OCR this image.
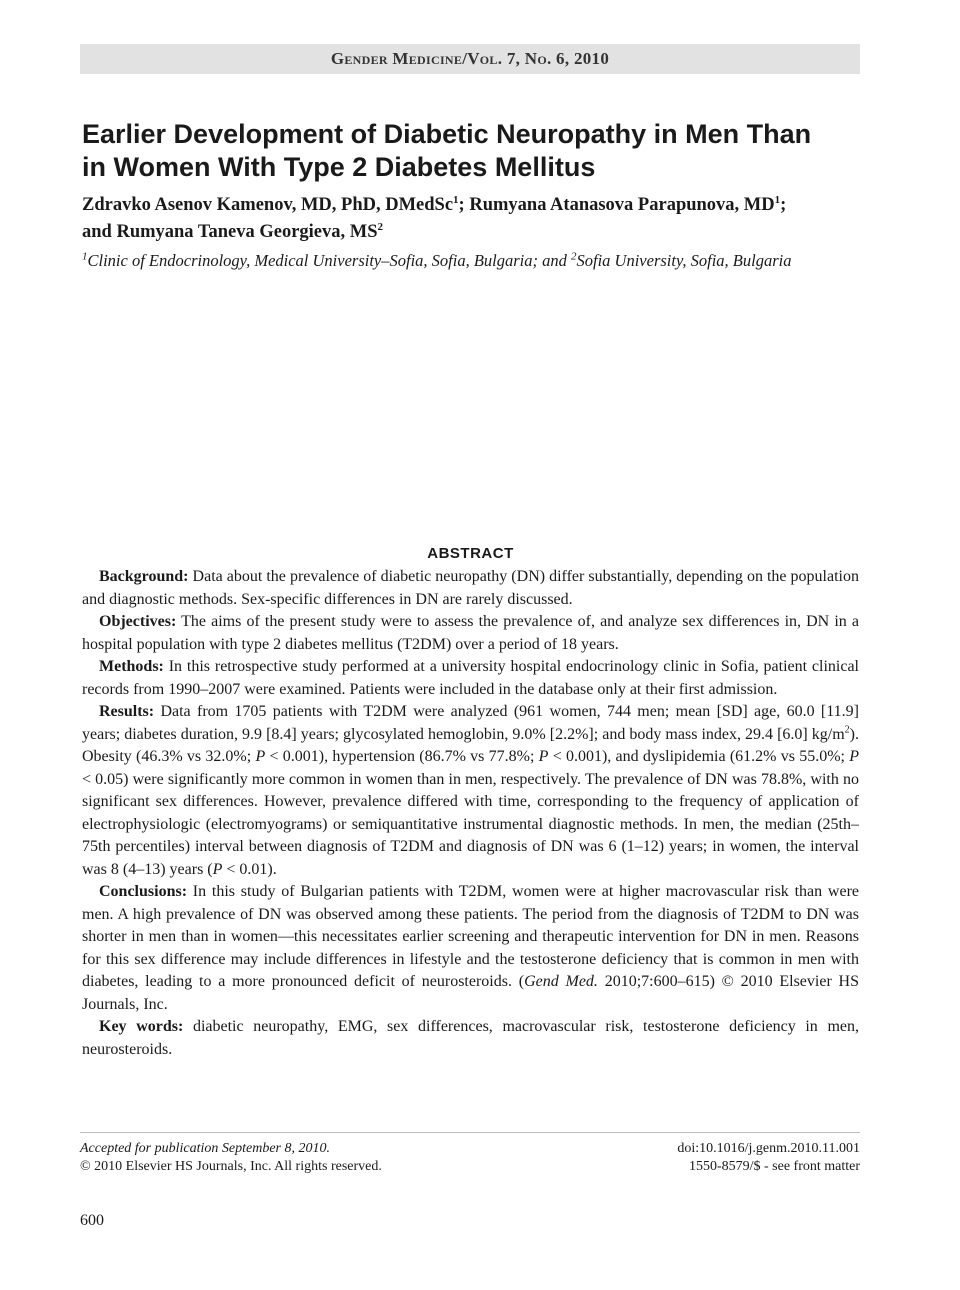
Gender Medicine/Vol. 7, No. 6, 2010
Earlier Development of Diabetic Neuropathy in Men Than
in Women With Type 2 Diabetes Mellitus
Zdravko Asenov Kamenov, MD, PhD, DMedSc$^1$; Rumyana Atanasova Parapunova, $MD^1$;
and Rumyana Taneva Georgieva, $MS^2$
$^1$Clinic of Endocrinology, Medical University–Sofia, Sofia, Bulgaria; and $^2$Sofia University, Sofia, Bulgaria
ABSTRACT

Background: Data about the prevalence of diabetic neuropathy (DN) differ substantially, depending on the population and diagnostic methods. Sex-specific differences in DN are rarely discussed.

Objectives: The aims of the present study were to assess the prevalence of, and analyze sex differences in, DN in a hospital population with type 2 diabetes mellitus (T2DM) over a period of 18 years.

Methods: In this retrospective study performed at a university hospital endocrinology clinic in Sofia, patient clinical records from 1990–2007 were examined. Patients were included in the database only at their first admission.

Results: Data from 1705 patients with T2DM were analyzed (961 women, 744 men; mean [SD] age, 60.0 [11.9] years; diabetes duration, 9.9 [8.4] years; glycosylated hemoglobin, 9.0% [2.2%]; and body mass index, 29.4 [6.0] $kg/m^2$). Obesity (46.3% vs 32.0%; P < 0.001), hypertension (86.7% vs 77.8%; P < 0.001), and dyslipidemia (61.2% vs 55.0%; P < 0.05) were significantly more common in women than in men, respectively. The prevalence of DN was 78.8%, with no significant sex differences. However, prevalence differed with time, corresponding to the frequency of application of electrophysiologic (electromyograms) or semiquantitative instrumental diagnostic methods. In men, the median (25th–75th percentiles) interval between diagnosis of T2DM and diagnosis of DN was 6 (1–12) years; in women, the interval was 8 (4–13) years (P < 0.01).

Conclusions: In this study of Bulgarian patients with T2DM, women were at higher macrovascular risk than were men. A high prevalence of DN was observed among these patients. The period from the diagnosis of T2DM to DN was shorter in men than in women—this necessitates earlier screening and therapeutic intervention for DN in men. Reasons for this sex difference may include differences in lifestyle and the testosterone deficiency that is common in men with diabetes, leading to a more pronounced deficit of neurosteroids. (Gend Med. 2010;7:600–615) © 2010 Elsevier HS Journals, Inc.

Key words: diabetic neuropathy, EMG, sex differences, macrovascular risk, testosterone deficiency in men, neurosteroids.

Accepted for publication September 8, 2010.
© 2010 Elsevier HS Journals, Inc. All rights reserved.
doi:10.1016/j.genm.2010.11.001
1550-8579/$ - see front matter
600
